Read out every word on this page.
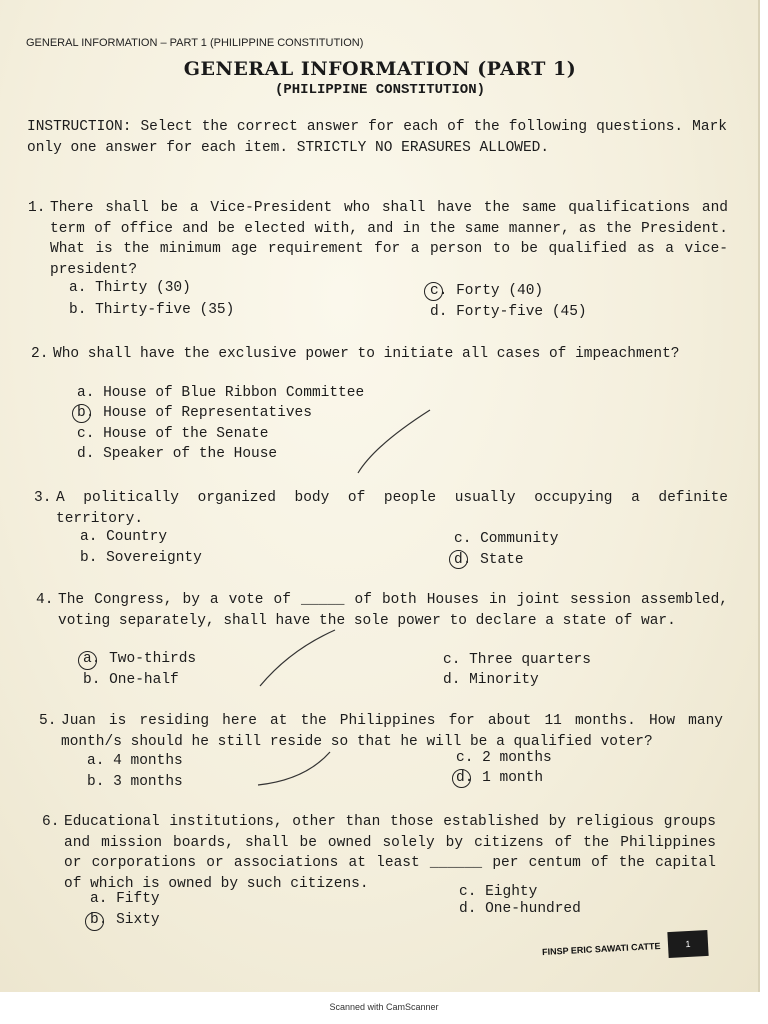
GENERAL INFORMATION – PART 1 (PHILIPPINE CONSTITUTION)
GENERAL INFORMATION (PART 1)
(PHILIPPINE CONSTITUTION)
INSTRUCTION: Select the correct answer for each of the following questions. Mark only one answer for each item. STRICTLY NO ERASURES ALLOWED.
1. There shall be a Vice-President who shall have the same qualifications and term of office and be elected with, and in the same manner, as the President. What is the minimum age requirement for a person to be qualified as a vice-president?
a. Thirty (30)
b. Thirty-five (35)
c. Forty (40)
d. Forty-five (45)
2. Who shall have the exclusive power to initiate all cases of impeachment?
a. House of Blue Ribbon Committee
b. House of Representatives
c. House of the Senate
d. Speaker of the House
3. A politically organized body of people usually occupying a definite territory.
a. Country
b. Sovereignty
c. Community
d. State
4. The Congress, by a vote of _____ of both Houses in joint session assembled, voting separately, shall have the sole power to declare a state of war.
a. Two-thirds
b. One-half
c. Three quarters
d. Minority
5. Juan is residing here at the Philippines for about 11 months. How many month/s should he still reside so that he will be a qualified voter?
a. 4 months
b. 3 months
c. 2 months
d. 1 month
6. Educational institutions, other than those established by religious groups and mission boards, shall be owned solely by citizens of the Philippines or corporations or associations at least ______ per centum of the capital of which is owned by such citizens.
a. Fifty
b. Sixty
c. Eighty
d. One-hundred
FINSP ERIC SAWATI CATTE	1
Scanned with CamScanner
